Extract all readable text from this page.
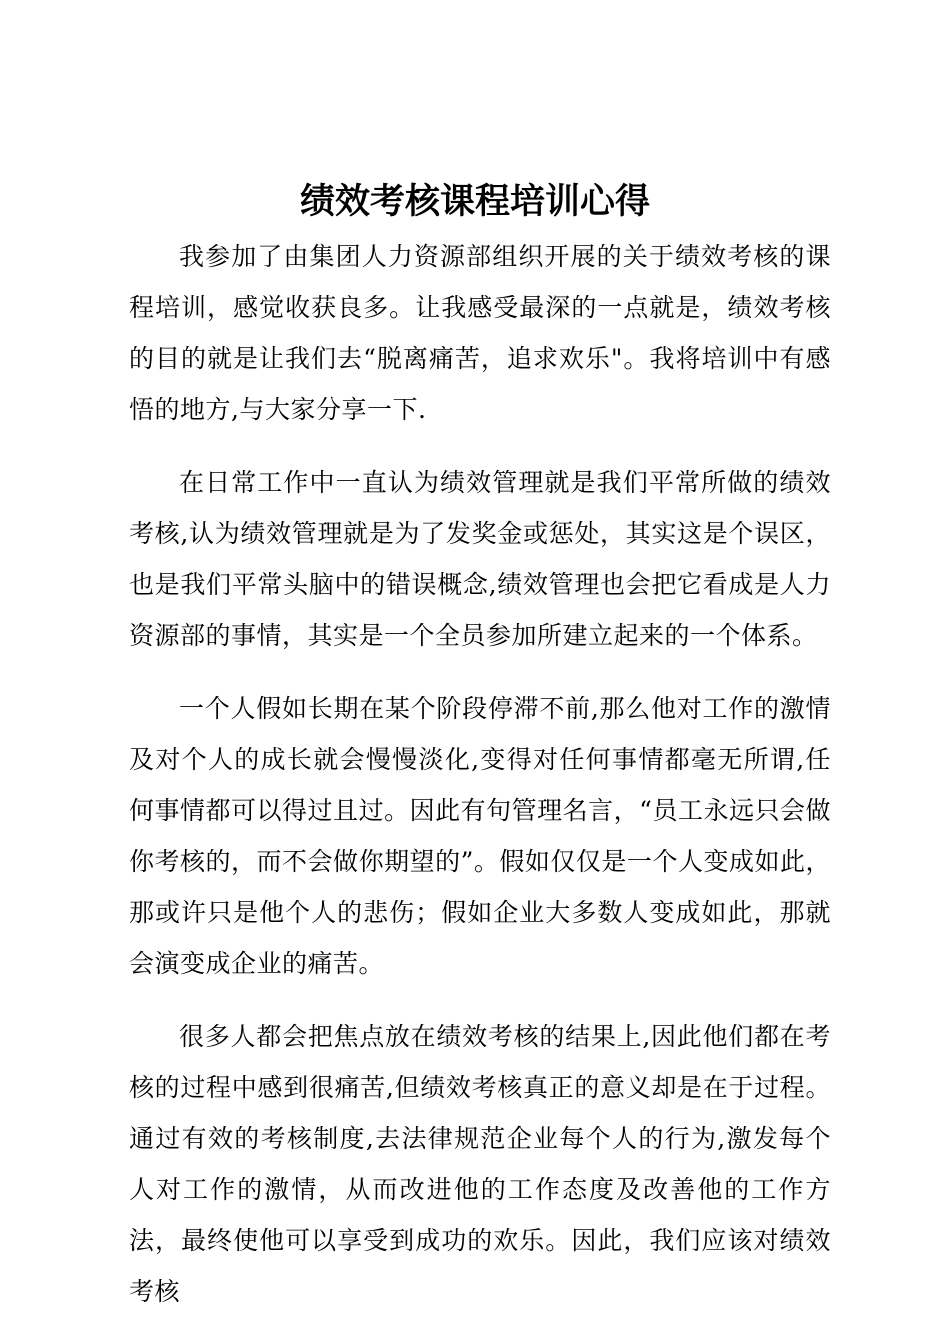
绩效考核课程培训心得

我参加了由集团人力资源部组织开展的关于绩效考核的课程培训，感觉收获良多。让我感受最深的一点就是，绩效考核的目的就是让我们去“脱离痛苦，追求欢乐"。我将培训中有感悟的地方,与大家分享一下.

在日常工作中一直认为绩效管理就是我们平常所做的绩效考核,认为绩效管理就是为了发奖金或惩处，其实这是个误区，也是我们平常头脑中的错误概念,绩效管理也会把它看成是人力资源部的事情，其实是一个全员参加所建立起来的一个体系。

一个人假如长期在某个阶段停滞不前,那么他对工作的激情及对个人的成长就会慢慢淡化,变得对任何事情都毫无所谓,任何事情都可以得过且过。因此有句管理名言，“员工永远只会做你考核的，而不会做你期望的”。假如仅仅是一个人变成如此，那或许只是他个人的悲伤；假如企业大多数人变成如此，那就会演变成企业的痛苦。

很多人都会把焦点放在绩效考核的结果上,因此他们都在考核的过程中感到很痛苦,但绩效考核真正的意义却是在于过程。通过有效的考核制度,去法律规范企业每个人的行为,激发每个人对工作的激情，从而改进他的工作态度及改善他的工作方法，最终使他可以享受到成功的欢乐。因此，我们应该对绩效考核
